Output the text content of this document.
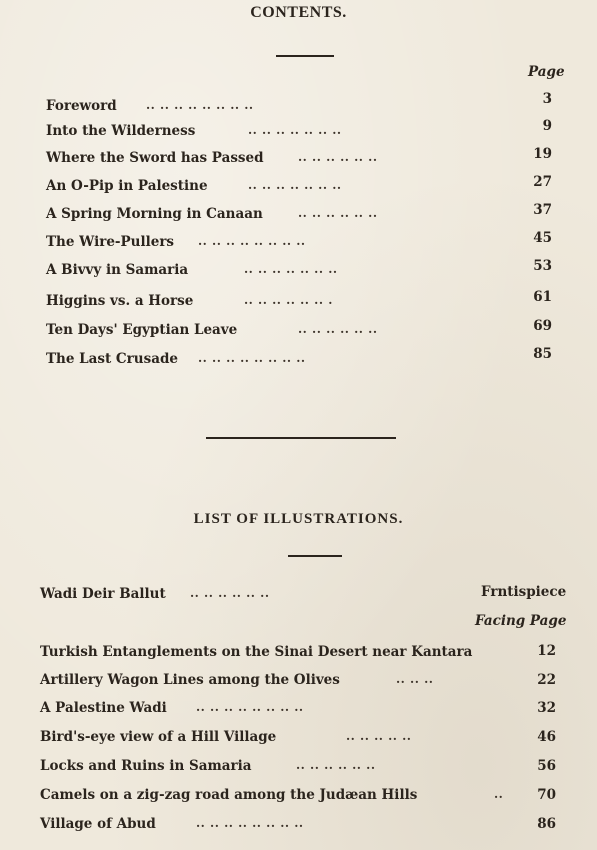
CONTENTS.
Page
Foreword .. .. .. .. .. .. .. ..	3
Into the Wilderness	.. .. .. .. .. .. ..	9
Where the Sword has Passed	.. .. .. .. .. ..	19
An O-Pip in Palestine	.. .. .. .. .. .. ..	27
A Spring Morning in Canaan	.. .. .. .. .. ..	37
The Wire-Pullers .. .. .. .. .. .. .. ..	45
A Bivvy in Samaria	.. .. .. .. .. .. ..	53
Higgins vs. a Horse	.. .. .. .. .. .. .	61
Ten Days' Egyptian Leave	.. .. .. .. .. ..	69
The Last Crusade .. .. .. .. .. .. .. ..	85
LIST OF ILLUSTRATIONS.
Wadi Deir Ballut .. .. .. .. .. ..	Frntispiece
Facing Page
Turkish Entanglements on the Sinai Desert near Kantara	12
Artillery Wagon Lines among the Olives	.. .. ..	22
A Palestine Wadi .. .. .. .. .. .. .. ..	32
Bird's-eye view of a Hill Village	.. .. .. .. ..	46
Locks and Ruins in Samaria	.. .. .. .. .. ..	56
Camels on a zig-zag road among the Judæan Hills	..	70
Village of Abud	.. .. .. .. .. .. .. ..	86
